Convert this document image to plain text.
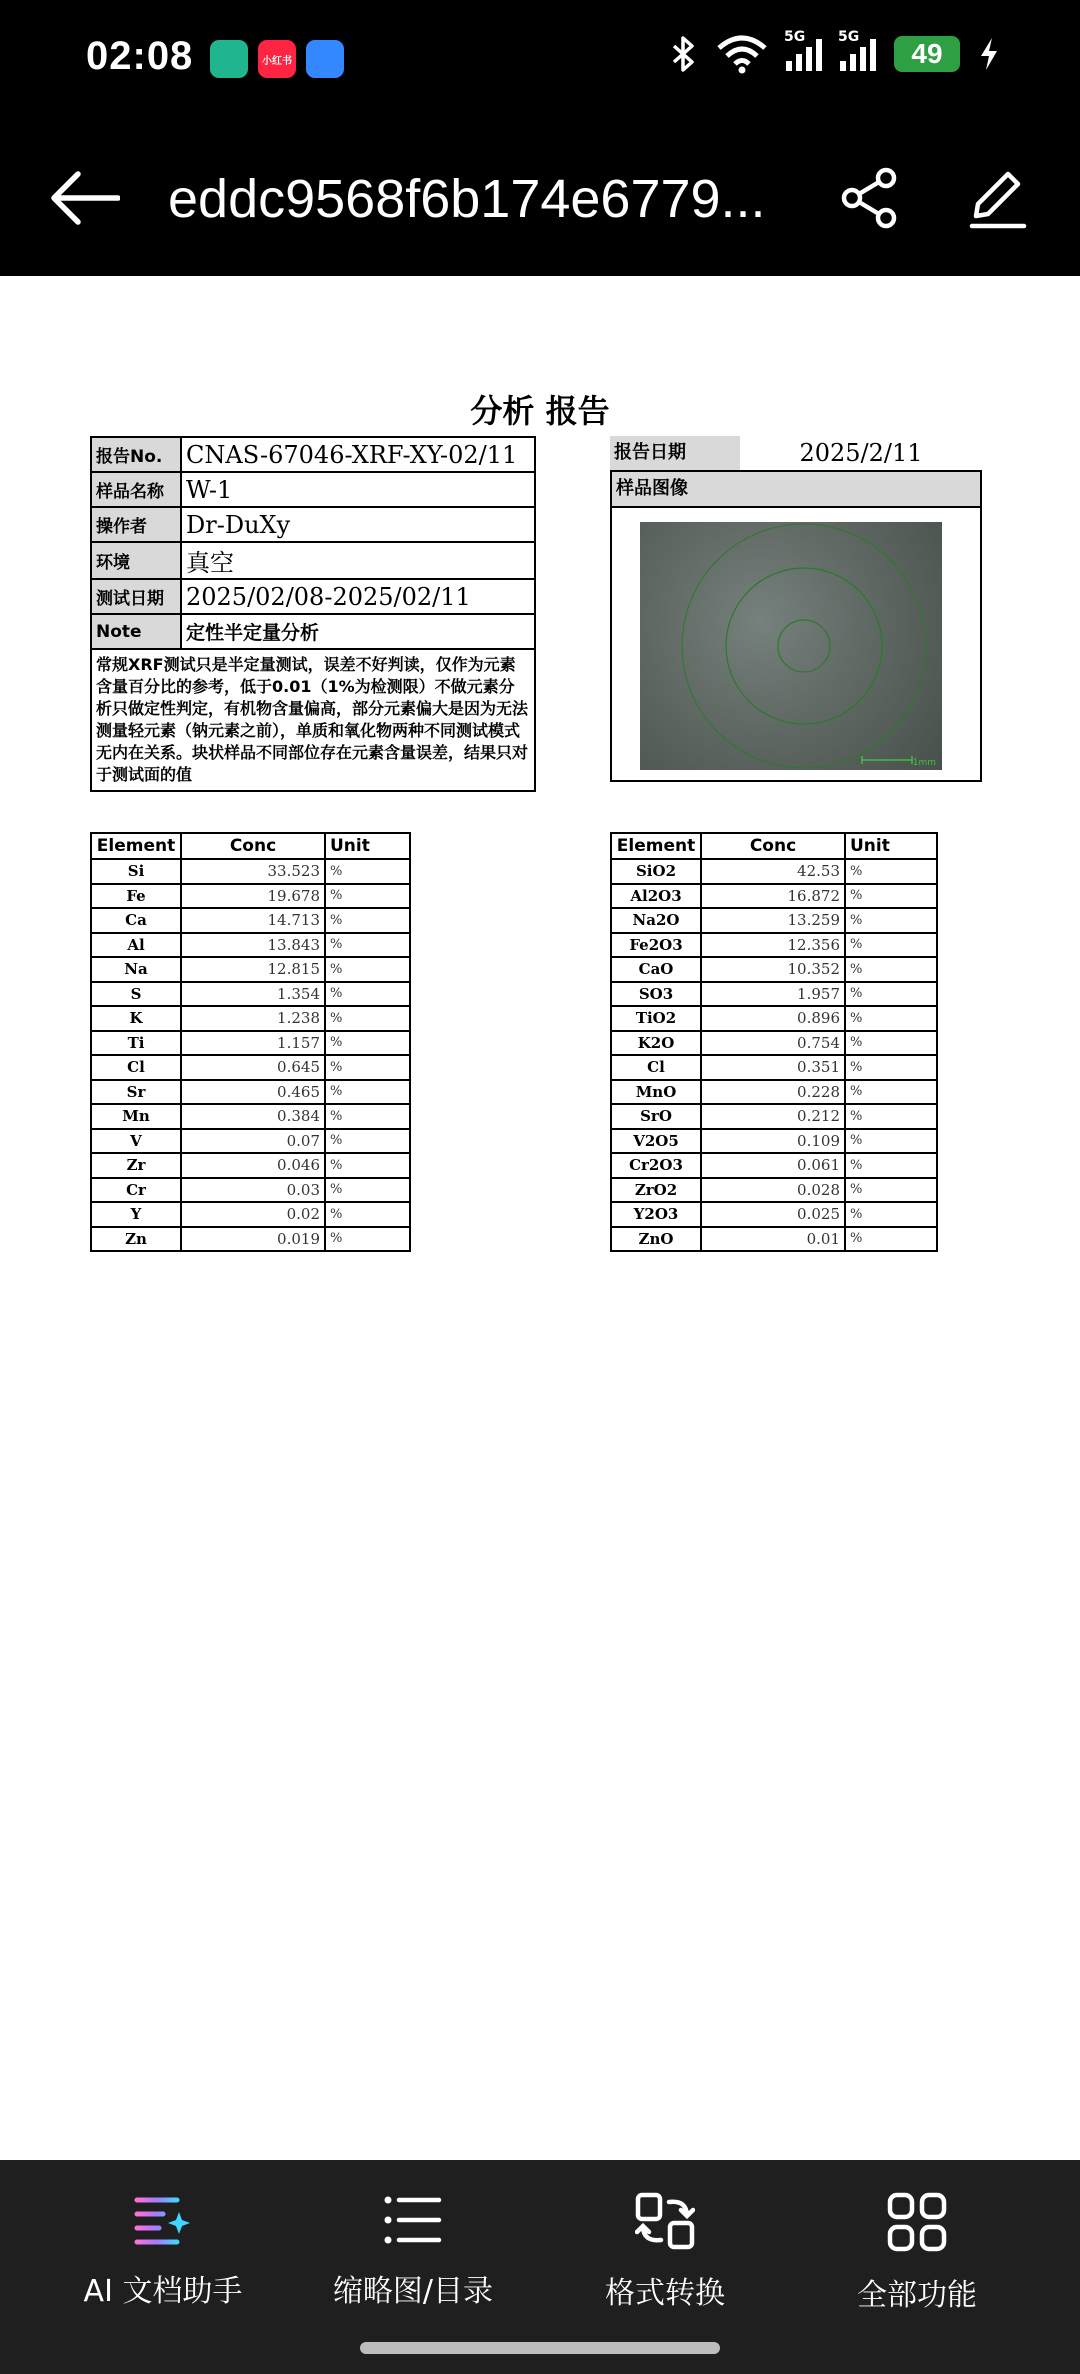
02:08	小红书
5G 5G
49
eddc9568f6b174e6779...
分析 报告
报告No.	CNAS-67046-XRF-XY-02/11
样品名称	W-1
操作者	Dr-DuXy
环境	真空
测试日期	2025/02/08-2025/02/11
Note	定性半定量分析
常规XRF测试只是半定量测试，误差不好判读，仅作为元素含量百分比的参考，低于0.01（1%为检测限）不做元素分析只做定性判定，有机物含量偏高，部分元素偏大是因为无法测量轻元素（钠元素之前），单质和氧化物两种不同测试模式无内在关系。块状样品不同部位存在元素含量误差，结果只对于测试面的值	
报告日期	2025/2/11
样品图像
1mm
Element	Conc	Unit
Si	33.523	%
Fe	19.678	%
Ca	14.713	%
Al	13.843	%
Na	12.815	%
S	1.354	%
K	1.238	%
Ti	1.157	%
Cl	0.645	%
Sr	0.465	%
Mn	0.384	%
V	0.07	%
Zr	0.046	%
Cr	0.03	%
Y	0.02	%
Zn	0.019	%
Element	Conc	Unit
SiO2	42.53	%
Al2O3	16.872	%
Na2O	13.259	%
Fe2O3	12.356	%
CaO	10.352	%
SO3	1.957	%
TiO2	0.896	%
K2O	0.754	%
Cl	0.351	%
MnO	0.228	%
SrO	0.212	%
V2O5	0.109	%
Cr2O3	0.061	%
ZrO2	0.028	%
Y2O3	0.025	%
ZnO	0.01	%
AI 文档助手	缩略图/目录	格式转换	全部功能
